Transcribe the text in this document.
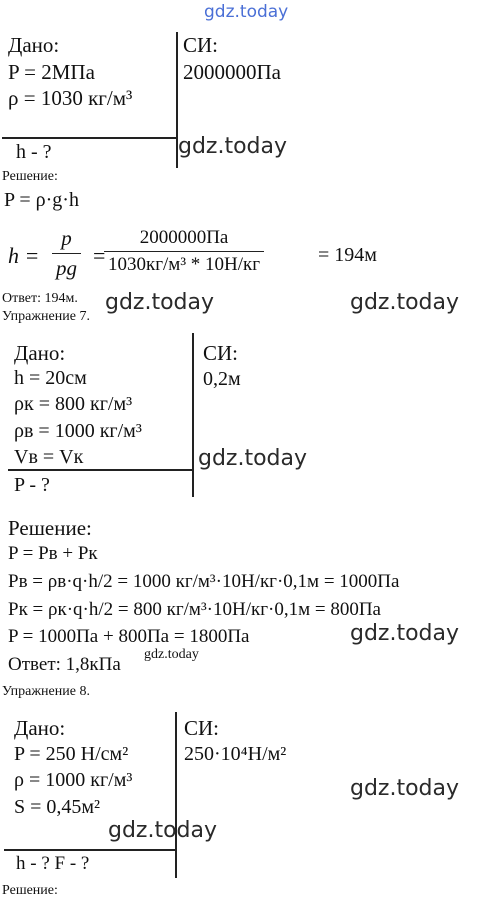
gdz.today
Дано:
P = 2МПа
ρ = 1030 кг/м³
СИ:
2000000Па
h - ?	gdz.today
Решение:
P = ρ·g·h
$h = \frac{p}{pg}$ =
2000000Па
1030кг/м³ * 10Н/кг	= 194м
Ответ: 194м. gdz.today	gdz.today
Упражнение 7.
Дано:
h = 20см
ρк = 800 кг/м³
ρв = 1000 кг/м³
Vв = Vк
СИ:
0,2м
P - ?
gdz.today
Решение:
P = Pв + Pк
Pв = ρв·q·h/2 = 1000 кг/м³·10Н/кг·0,1м = 1000Па
Pк = ρк·q·h/2 = 800 кг/м³·10Н/кг·0,1м = 800Па
P = 1000Па + 800Па = 1800Па	gdz.today
Ответ: 1,8кПа gdz.today
Упражнение 8.
Дано:
P = 250 Н/см²
ρ = 1000 кг/м³
S = 0,45м²
СИ:
250·10⁴Н/м²
gdz.today
gdz.today
h - ? F - ?
Решение:
